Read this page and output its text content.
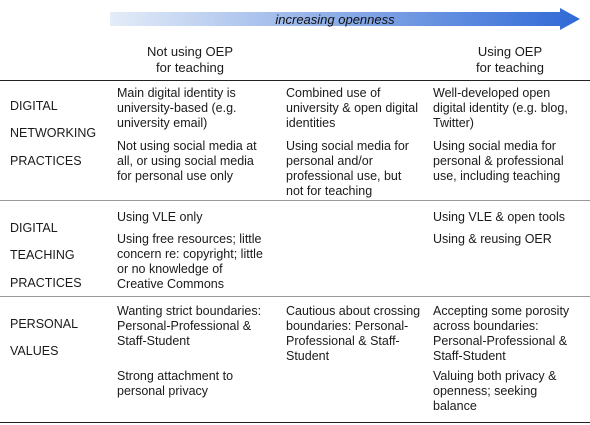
increasing openness
Not using OEP
for teaching
Using OEP
for teaching

DIGITAL

NETWORKING

PRACTICES

Main digital identity is

university-based (e.g.

university email)

Not using social media at

all, or using social media

for personal use only

Combined use of

university & open digital

identities

Using social media for

personal and/or

professional use, but

not for teaching

Well-developed open

digital identity (e.g. blog,

Twitter)

Using social media for

personal & professional

use, including teaching

DIGITAL

TEACHING

PRACTICES

Using VLE only

Using free resources; little

concern re: copyright; little

or no knowledge of

Creative Commons

Using VLE & open tools

Using & reusing OER

PERSONAL

VALUES

Wanting strict boundaries:

Personal-Professional &

Staff-Student

Strong attachment to

personal privacy

Cautious about crossing

boundaries: Personal-

Professional & Staff-

Student

Accepting some porosity

across boundaries:

Personal-Professional &

Staff-Student

Valuing both privacy &

openness; seeking

balance
